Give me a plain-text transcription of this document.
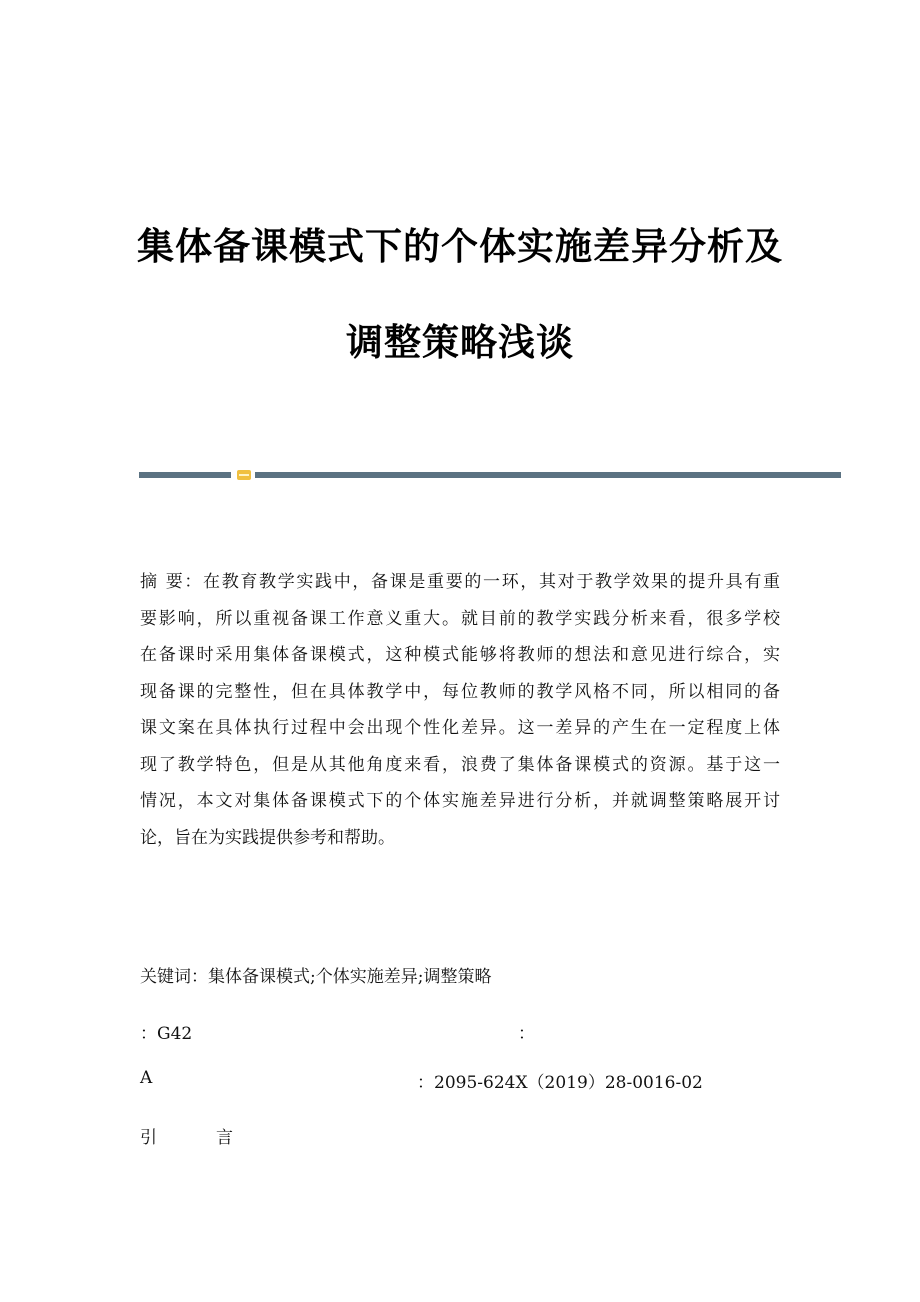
集体备课模式下的个体实施差异分析及
调整策略浅谈
摘 要：在教育教学实践中，备课是重要的一环，其对于教学效果的提升具有重
要影响，所以重视备课工作意义重大。就目前的教学实践分析来看，很多学校
在备课时采用集体备课模式，这种模式能够将教师的想法和意见进行综合，实
现备课的完整性，但在具体教学中，每位教师的教学风格不同，所以相同的备
课文案在具体执行过程中会出现个性化差异。这一差异的产生在一定程度上体
现了教学特色，但是从其他角度来看，浪费了集体备课模式的资源。基于这一
情况，本文对集体备课模式下的个体实施差异进行分析，并就调整策略展开讨
论，旨在为实践提供参考和帮助。
关键词：集体备课模式;个体实施差异;调整策略
：G42	：
A	：2095-624X（2019）28-0016-02
引	言
